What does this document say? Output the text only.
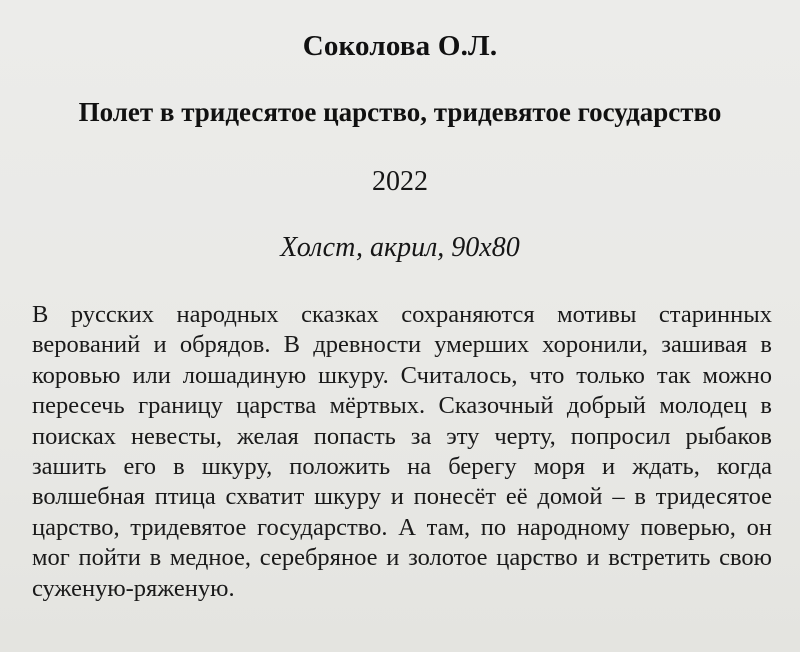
Соколова О.Л.
Полет в тридесятое царство, тридевятое государство
2022
Холст, акрил, 90х80
В русских народных сказках сохраняются мотивы старинных верований и обрядов. В древности умерших хоронили, зашивая в коровью или лошадиную шкуру. Считалось, что только так можно пересечь границу царства мёртвых. Сказочный добрый молодец в поисках невесты, желая попасть за эту черту, попросил рыбаков зашить его в шкуру, положить на берегу моря и ждать, когда волшебная птица схватит шкуру и понесёт её домой – в тридесятое царство, тридевятое государство. А там, по народному поверью, он мог пойти в медное, серебряное и золотое царство и встретить свою суженую-ряженую.
